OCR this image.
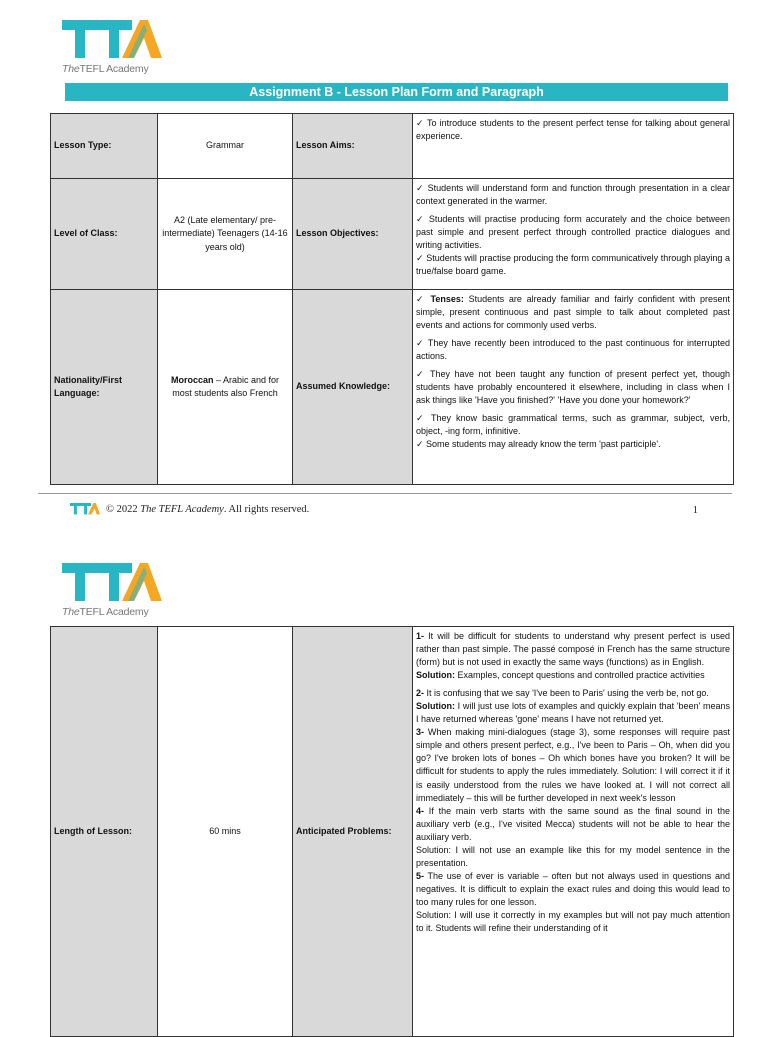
TheTEFL Academy
Assignment B - Lesson Plan Form and Paragraph
Lesson Type:	Grammar	Lesson Aims:	✓ To introduce students to the present perfect tense for talking about general experience.

Level of Class:	A2 (Late elementary/ pre-intermediate) Teenagers (14-16 years old)	Lesson Objectives:	✓ Students will understand form and function through presentation in a clear context generated in the warmer.

✓ Students will practise producing form accurately and the choice between past simple and present perfect through controlled practice dialogues and writing activities.

✓ Students will practise producing the form communicatively through playing a true/false board game.

Nationality/First Language:	Moroccan – Arabic and for most students also French	Assumed Knowledge:	✓ Tenses: Students are already familiar and fairly confident with present simple, present continuous and past simple to talk about completed past events and actions for commonly used verbs.

✓ They have recently been introduced to the past continuous for interrupted actions.

✓ They have not been taught any function of present perfect yet, though students have probably encountered it elsewhere, including in class when I ask things like 'Have you finished?' 'Have you done your homework?'

✓ They know basic grammatical terms, such as grammar, subject, verb, object, -ing form, infinitive.

✓ Some students may already know the term 'past participle'.

© 2022 The TEFL Academy. All rights reserved.	1
TheTEFL Academy
Length of Lesson:	60 mins	Anticipated Problems:	

1- It will be difficult for students to understand why present perfect is used rather than past simple. The passé composé in French has the same structure (form) but is not used in exactly the same ways (functions) as in English.

Solution: Examples, concept questions and controlled practice activities

2- It is confusing that we say 'I've been to Paris' using the verb be, not go.

Solution: I will just use lots of examples and quickly explain that 'been' means I have returned whereas 'gone' means I have not returned yet.

3- When making mini-dialogues (stage 3), some responses will require past simple and others present perfect, e.g., I've been to Paris – Oh, when did you go? I've broken lots of bones – Oh which bones have you broken? It will be difficult for students to apply the rules immediately. Solution: I will correct it if it is easily understood from the rules we have looked at. I will not correct all immediately – this will be further developed in next week's lesson

4- If the main verb starts with the same sound as the final sound in the auxiliary verb (e.g., I've visited Mecca) students will not be able to hear the auxiliary verb.

Solution: I will not use an example like this for my model sentence in the presentation.

5- The use of ever is variable – often but not always used in questions and negatives. It is difficult to explain the exact rules and doing this would lead to too many rules for one lesson.

Solution: I will use it correctly in my examples but will not pay much attention to it. Students will refine their understanding of it
